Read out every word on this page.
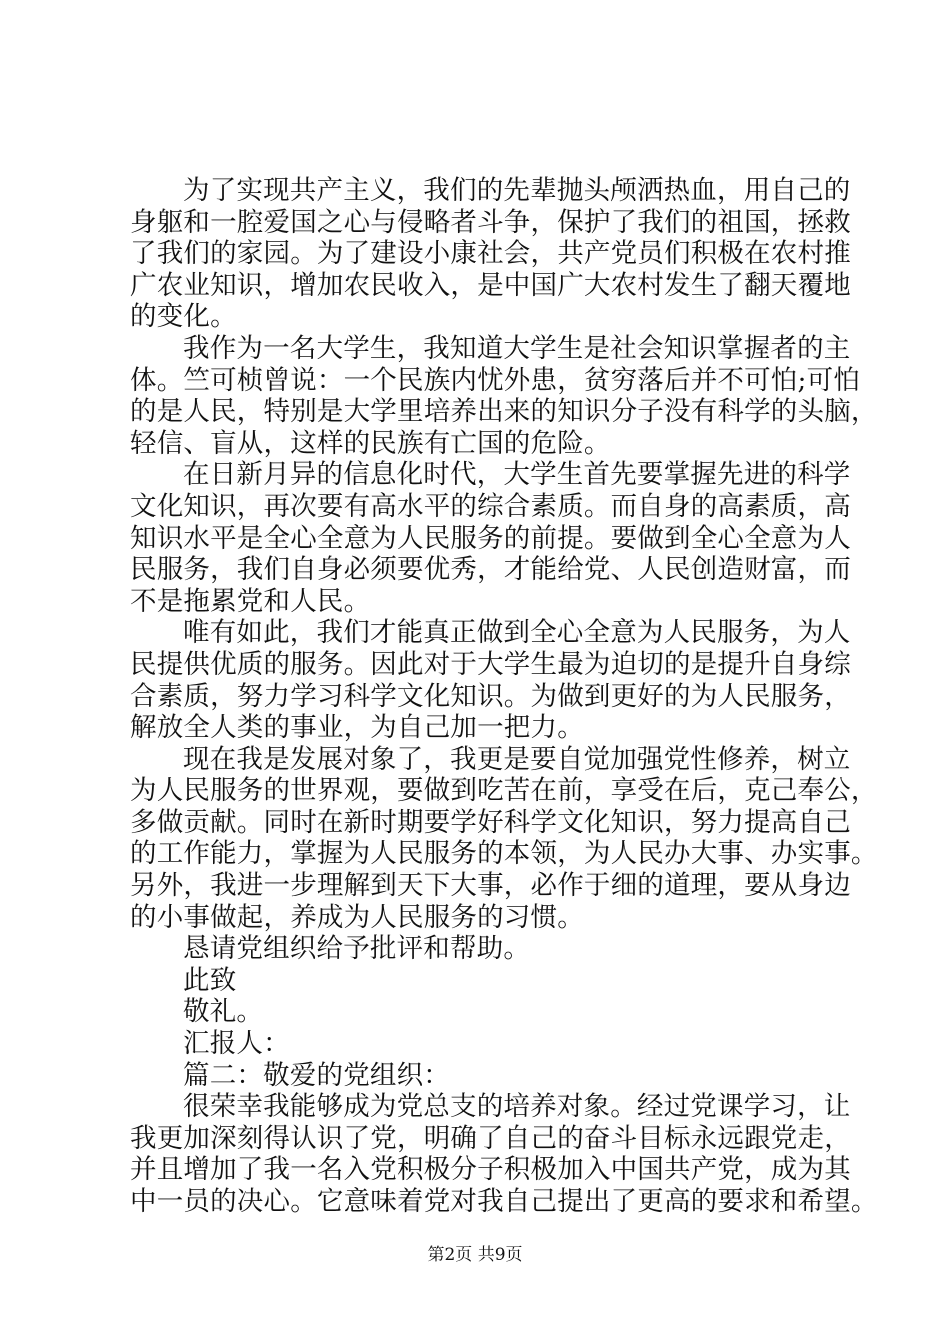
为了实现共产主义，我们的先辈抛头颅洒热血，用自己的
身躯和一腔爱国之心与侵略者斗争，保护了我们的祖国，拯救
了我们的家园。为了建设小康社会，共产党员们积极在农村推
广农业知识，增加农民收入，是中国广大农村发生了翻天覆地
的变化。
我作为一名大学生，我知道大学生是社会知识掌握者的主
体。竺可桢曾说：一个民族内忧外患，贫穷落后并不可怕;可怕
的是人民，特别是大学里培养出来的知识分子没有科学的头脑，
轻信、盲从，这样的民族有亡国的危险。
在日新月异的信息化时代，大学生首先要掌握先进的科学
文化知识，再次要有高水平的综合素质。而自身的高素质，高
知识水平是全心全意为人民服务的前提。要做到全心全意为人
民服务，我们自身必须要优秀，才能给党、人民创造财富，而
不是拖累党和人民。
唯有如此，我们才能真正做到全心全意为人民服务，为人
民提供优质的服务。因此对于大学生最为迫切的是提升自身综
合素质，努力学习科学文化知识。为做到更好的为人民服务，
解放全人类的事业，为自己加一把力。
现在我是发展对象了，我更是要自觉加强党性修养，树立
为人民服务的世界观，要做到吃苦在前，享受在后，克己奉公，
多做贡献。同时在新时期要学好科学文化知识，努力提高自己
的工作能力，掌握为人民服务的本领，为人民办大事、办实事。
另外，我进一步理解到天下大事，必作于细的道理，要从身边
的小事做起，养成为人民服务的习惯。
恳请党组织给予批评和帮助。
此致
敬礼。
汇报人：
篇二：敬爱的党组织：
很荣幸我能够成为党总支的培养对象。经过党课学习，让
我更加深刻得认识了党，明确了自己的奋斗目标永远跟党走，
并且增加了我一名入党积极分子积极加入中国共产党，成为其
中一员的决心。它意味着党对我自己提出了更高的要求和希望。
第2页 共9页
